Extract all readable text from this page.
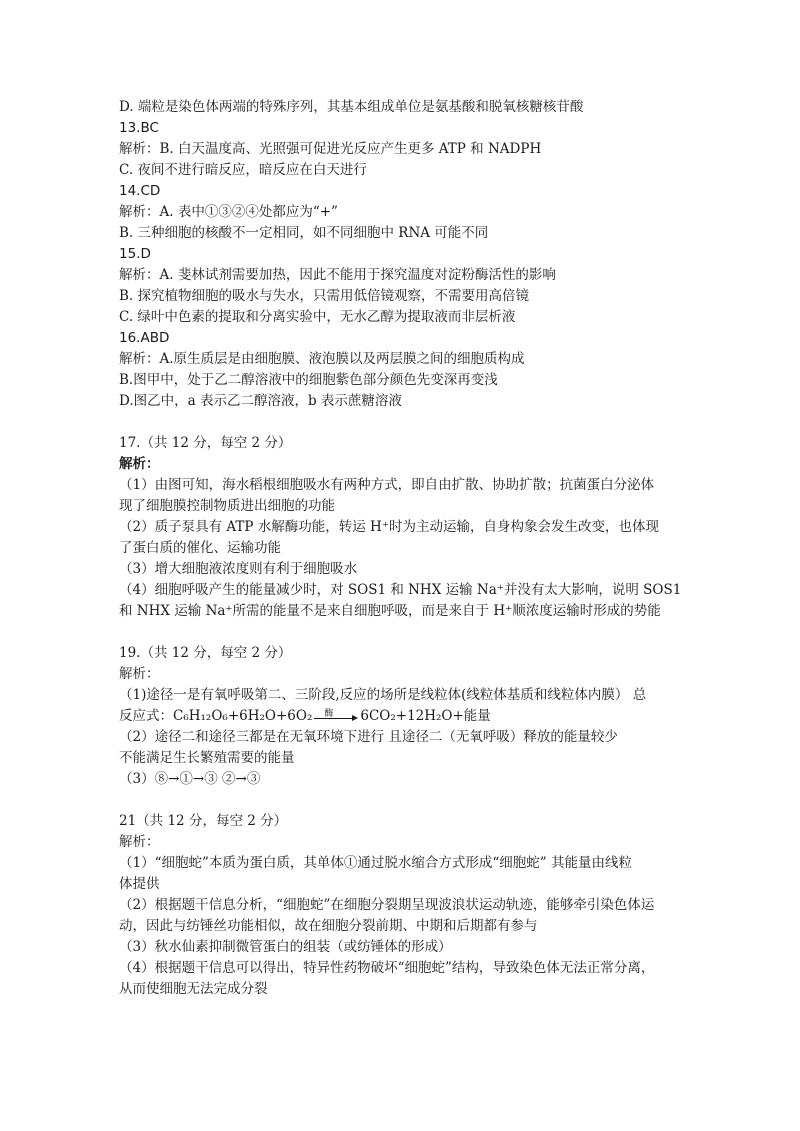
D. 端粒是染色体两端的特殊序列，其基本组成单位是氨基酸和脱氧核糖核苷酸
13.BC
解析：B. 白天温度高、光照强可促进光反应产生更多 ATP 和 NADPH
C. 夜间不进行暗反应，暗反应在白天进行
14.CD
解析：A. 表中①③②④处都应为“+”
B. 三种细胞的核酸不一定相同，如不同细胞中 RNA 可能不同
15.D
解析：A. 斐林试剂需要加热，因此不能用于探究温度对淀粉酶活性的影响
B. 探究植物细胞的吸水与失水，只需用低倍镜观察，不需要用高倍镜
C. 绿叶中色素的提取和分离实验中，无水乙醇为提取液而非层析液
16.ABD
解析：A.原生质层是由细胞膜、液泡膜以及两层膜之间的细胞质构成
B.图甲中，处于乙二醇溶液中的细胞紫色部分颜色先变深再变浅
D.图乙中，a 表示乙二醇溶液，b 表示蔗糖溶液
17.（共 12 分，每空 2 分）
解析：
（1）由图可知，海水稻根细胞吸水有两种方式，即自由扩散、协助扩散；抗菌蛋白分泌体
现了细胞膜控制物质进出细胞的功能
（2）质子泵具有 ATP 水解酶功能，转运 H⁺时为主动运输，自身构象会发生改变，也体现
了蛋白质的催化、运输功能
（3）增大细胞液浓度则有利于细胞吸水
（4）细胞呼吸产生的能量减少时，对 SOS1 和 NHX 运输 Na⁺并没有太大影响，说明 SOS1
和 NHX 运输 Na⁺所需的能量不是来自细胞呼吸，而是来自于 H⁺顺浓度运输时形成的势能
19.（共 12 分，每空 2 分）
解析：
（1)途径一是有氧呼吸第二、三阶段,反应的场所是线粒体(线粒体基质和线粒体内膜） 总
反应式：C₆H₁₂O₆+6H₂O+6O₂ 酶 6CO₂+12H₂O+能量
（2）途径二和途径三都是在无氧环境下进行 且途径二（无氧呼吸）释放的能量较少
不能满足生长繁殖需要的能量
（3）⑧→①→③ ②→③
21（共 12 分，每空 2 分）
解析：
（1）“细胞蛇”本质为蛋白质，其单体①通过脱水缩合方式形成“细胞蛇” 其能量由线粒
体提供
（2）根据题干信息分析，“细胞蛇”在细胞分裂期呈现波浪状运动轨迹，能够牵引染色体运
动，因此与纺锤丝功能相似，故在细胞分裂前期、中期和后期都有参与
（3）秋水仙素抑制微管蛋白的组装（或纺锤体的形成）
（4）根据题干信息可以得出，特异性药物破坏“细胞蛇”结构，导致染色体无法正常分离，
从而使细胞无法完成分裂
